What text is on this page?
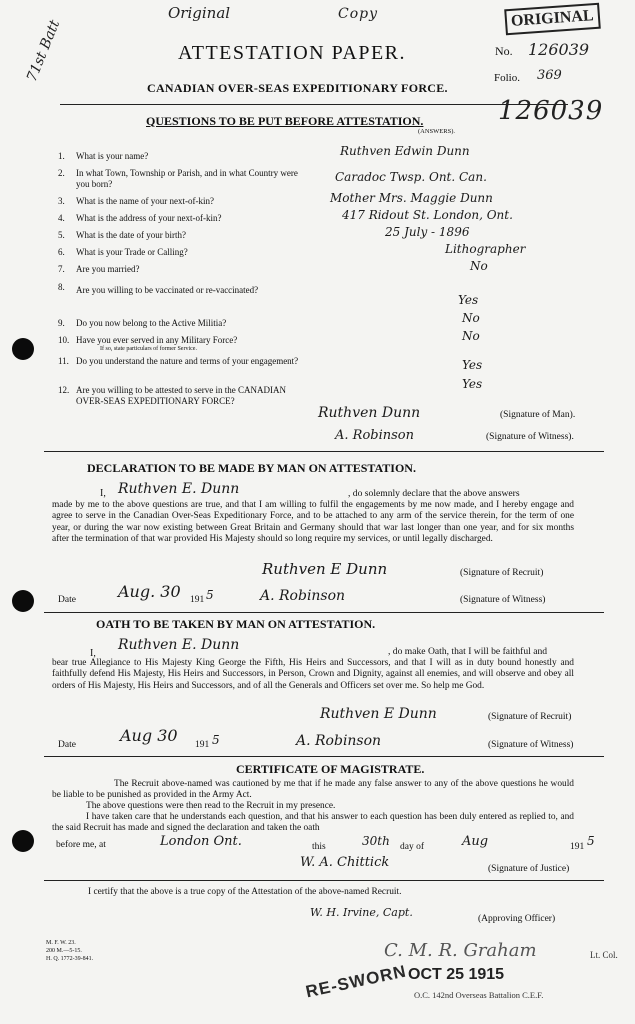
71st Batt
Original	Copy	ORIGINAL
ATTESTATION PAPER.
CANADIAN OVER-SEAS EXPEDITIONARY FORCE.
No. 126039
Folio. 369
QUESTIONS TO BE PUT BEFORE ATTESTATION.	126039
(ANSWERS).
1. What is your name?	Ruthven Edwin Dunn
2. In what Town, Township or Parish, and in what Country were you born?	Caradoc Twsp. Ont. Can.
3. What is the name of your next-of-kin?	Mother Mrs. Maggie Dunn
4. What is the address of your next-of-kin?	417 Ridout St. London, Ont.
5. What is the date of your birth?	25 July - 1896
6. What is your Trade or Calling?	Lithographer
7. Are you married?	No
8. Are you willing to be vaccinated or re-vaccinated?
Yes
9. Do you now belong to the Active Militia?	No
10. Have you ever served in any Military Force?
If so, state particulars of former Service.
No
11. Do you understand the nature and terms of your engagement?	Yes
12. Are you willing to be attested to serve in the CANADIAN OVER-SEAS EXPEDITIONARY FORCE?
Yes
Ruthven Dunn	(Signature of Man).
A. Robinson	(Signature of Witness).
DECLARATION TO BE MADE BY MAN ON ATTESTATION.
I, Ruthven E. Dunn	, do solemnly declare that the above answers
made by me to the above questions are true, and that I am willing to fulfil the engagements by me now made, and I hereby engage and agree to serve in the Canadian Over-Seas Expeditionary Force, and to be attached to any arm of the service therein, for the term of one year, or during the war now existing between Great Britain and Germany should that war last longer than one year, and for six months after the termination of that war provided His Majesty should so long require my services, or until legally discharged.
Ruthven E Dunn	(Signature of Recruit)
Date	Aug. 30 191 5	A. Robinson	(Signature of Witness)
OATH TO BE TAKEN BY MAN ON ATTESTATION.
I,
Ruthven E. Dunn	, do make Oath, that I will be faithful and
bear true Allegiance to His Majesty King George the Fifth, His Heirs and Successors, and that I will as in duty bound honestly and faithfully defend His Majesty, His Heirs and Successors, in Person, Crown and Dignity, against all enemies, and will observe and obey all orders of His Majesty, His Heirs and Successors, and of all the Generals and Officers set over me. So help me God.
Ruthven E Dunn	(Signature of Recruit)
Date	Aug 30 191 5	A. Robinson	(Signature of Witness)
CERTIFICATE OF MAGISTRATE.
The Recruit above-named was cautioned by me that if he made any false answer to any of the above questions he would be liable to be punished as provided in the Army Act.
The above questions were then read to the Recruit in my presence.
I have taken care that he understands each question, and that his answer to each question has been duly entered as replied to, and the said Recruit has made and signed the declaration and taken the oath
before me, at	London Ont.	this	30th day of	Aug	191 5
W. A. Chittick	(Signature of Justice)
I certify that the above is a true copy of the Attestation of the above-named Recruit.
W. H. Irvine, Capt.	(Approving Officer)
M. F. W. 23.
200 M.—5-15.
H. Q. 1772-39-841.
RE-SWORN
C. M. R. Graham	Lt. Col.
OCT 25 1915
O.C. 142nd Overseas Battalion C.E.F.
